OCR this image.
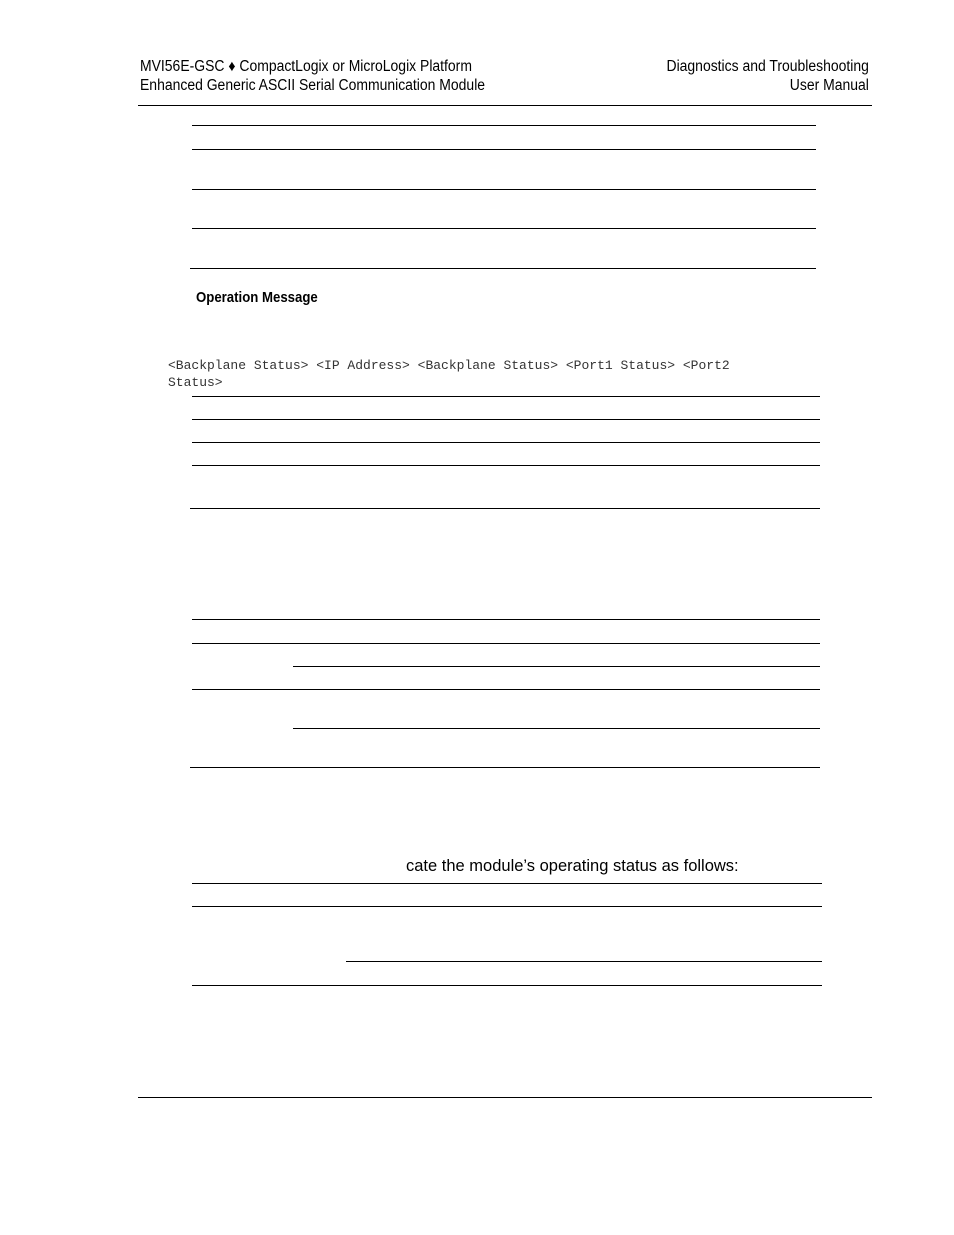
MVI56E-GSC ♦ CompactLogix or MicroLogix Platform
Enhanced Generic ASCII Serial Communication Module
Diagnostics and Troubleshooting
User Manual
Operation Message
<Backplane Status> <IP Address> <Backplane Status> <Port1 Status> <Port2
Status>
cate the module’s operating status as follows:
